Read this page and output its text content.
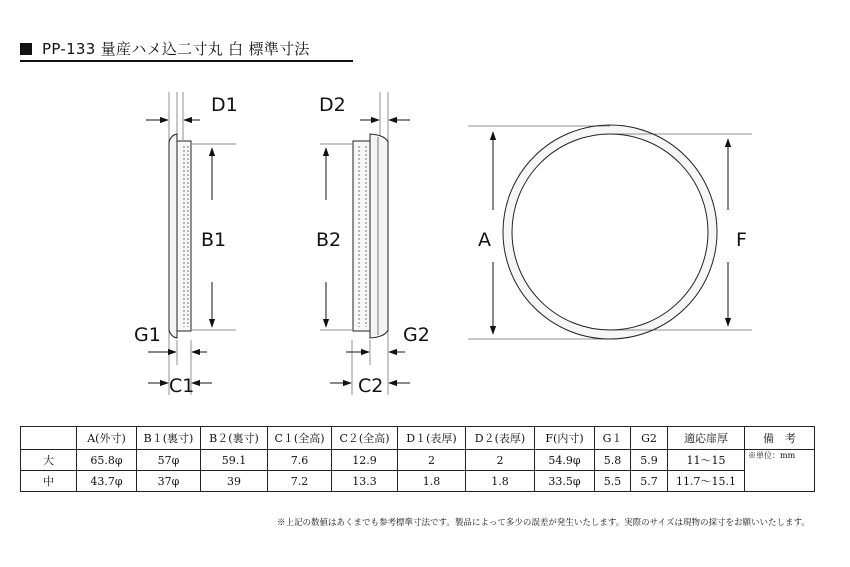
PP-133 量産ハメ込二寸丸 白 標準寸法
D1
B1
G1
C1
D2
B2
G2
C2
A	F
	A(外寸)	B１(裏寸)	B２(裏寸)	C１(全高)	C２(全高)	D１(表厚)	D２(表厚)	F(内寸)	G１	G2	適応扉厚	備　考
大	65.8φ	57φ	59.1	7.6	12.9	2	2	54.9φ	5.8	5.9	11〜15	※単位：mm
中	43.7φ	37φ	39	7.2	13.3	1.8	1.8	33.5φ	5.5	5.7	11.7〜15.1	
※上記の数値はあくまでも参考標準寸法です。製品によって多少の誤差が発生いたします。実際のサイズは現物の採寸をお願いいたします。
